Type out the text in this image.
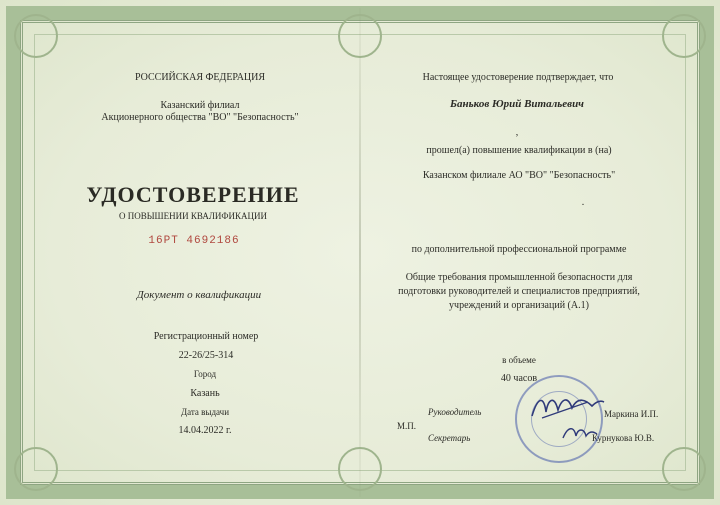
РОССИЙСКАЯ ФЕДЕРАЦИЯ
Казанский филиал
Акционерного общества "ВО" "Безопасность"
УДОСТОВЕРЕНИЕ
О ПОВЫШЕНИИ КВАЛИФИКАЦИИ
16РТ 4692186
Документ о квалификации
Регистрационный номер
22-26/25-314
Город
Казань
Дата выдачи
14.04.2022 г.
Настоящее удостоверение подтверждает, что
Баньков Юрий Витальевич
,
прошел(а) повышение квалификации в (на)
Казанском филиале АО "ВО" "Безопасность"
.
по дополнительной профессиональной программе
Общие требования промышленной безопасности для
подготовки руководителей и специалистов предприятий,
учреждений и организаций (А.1)
в объеме
40 часов
М.П.
Руководитель
Секретарь
Маркина И.П.
Курнукова Ю.В.
